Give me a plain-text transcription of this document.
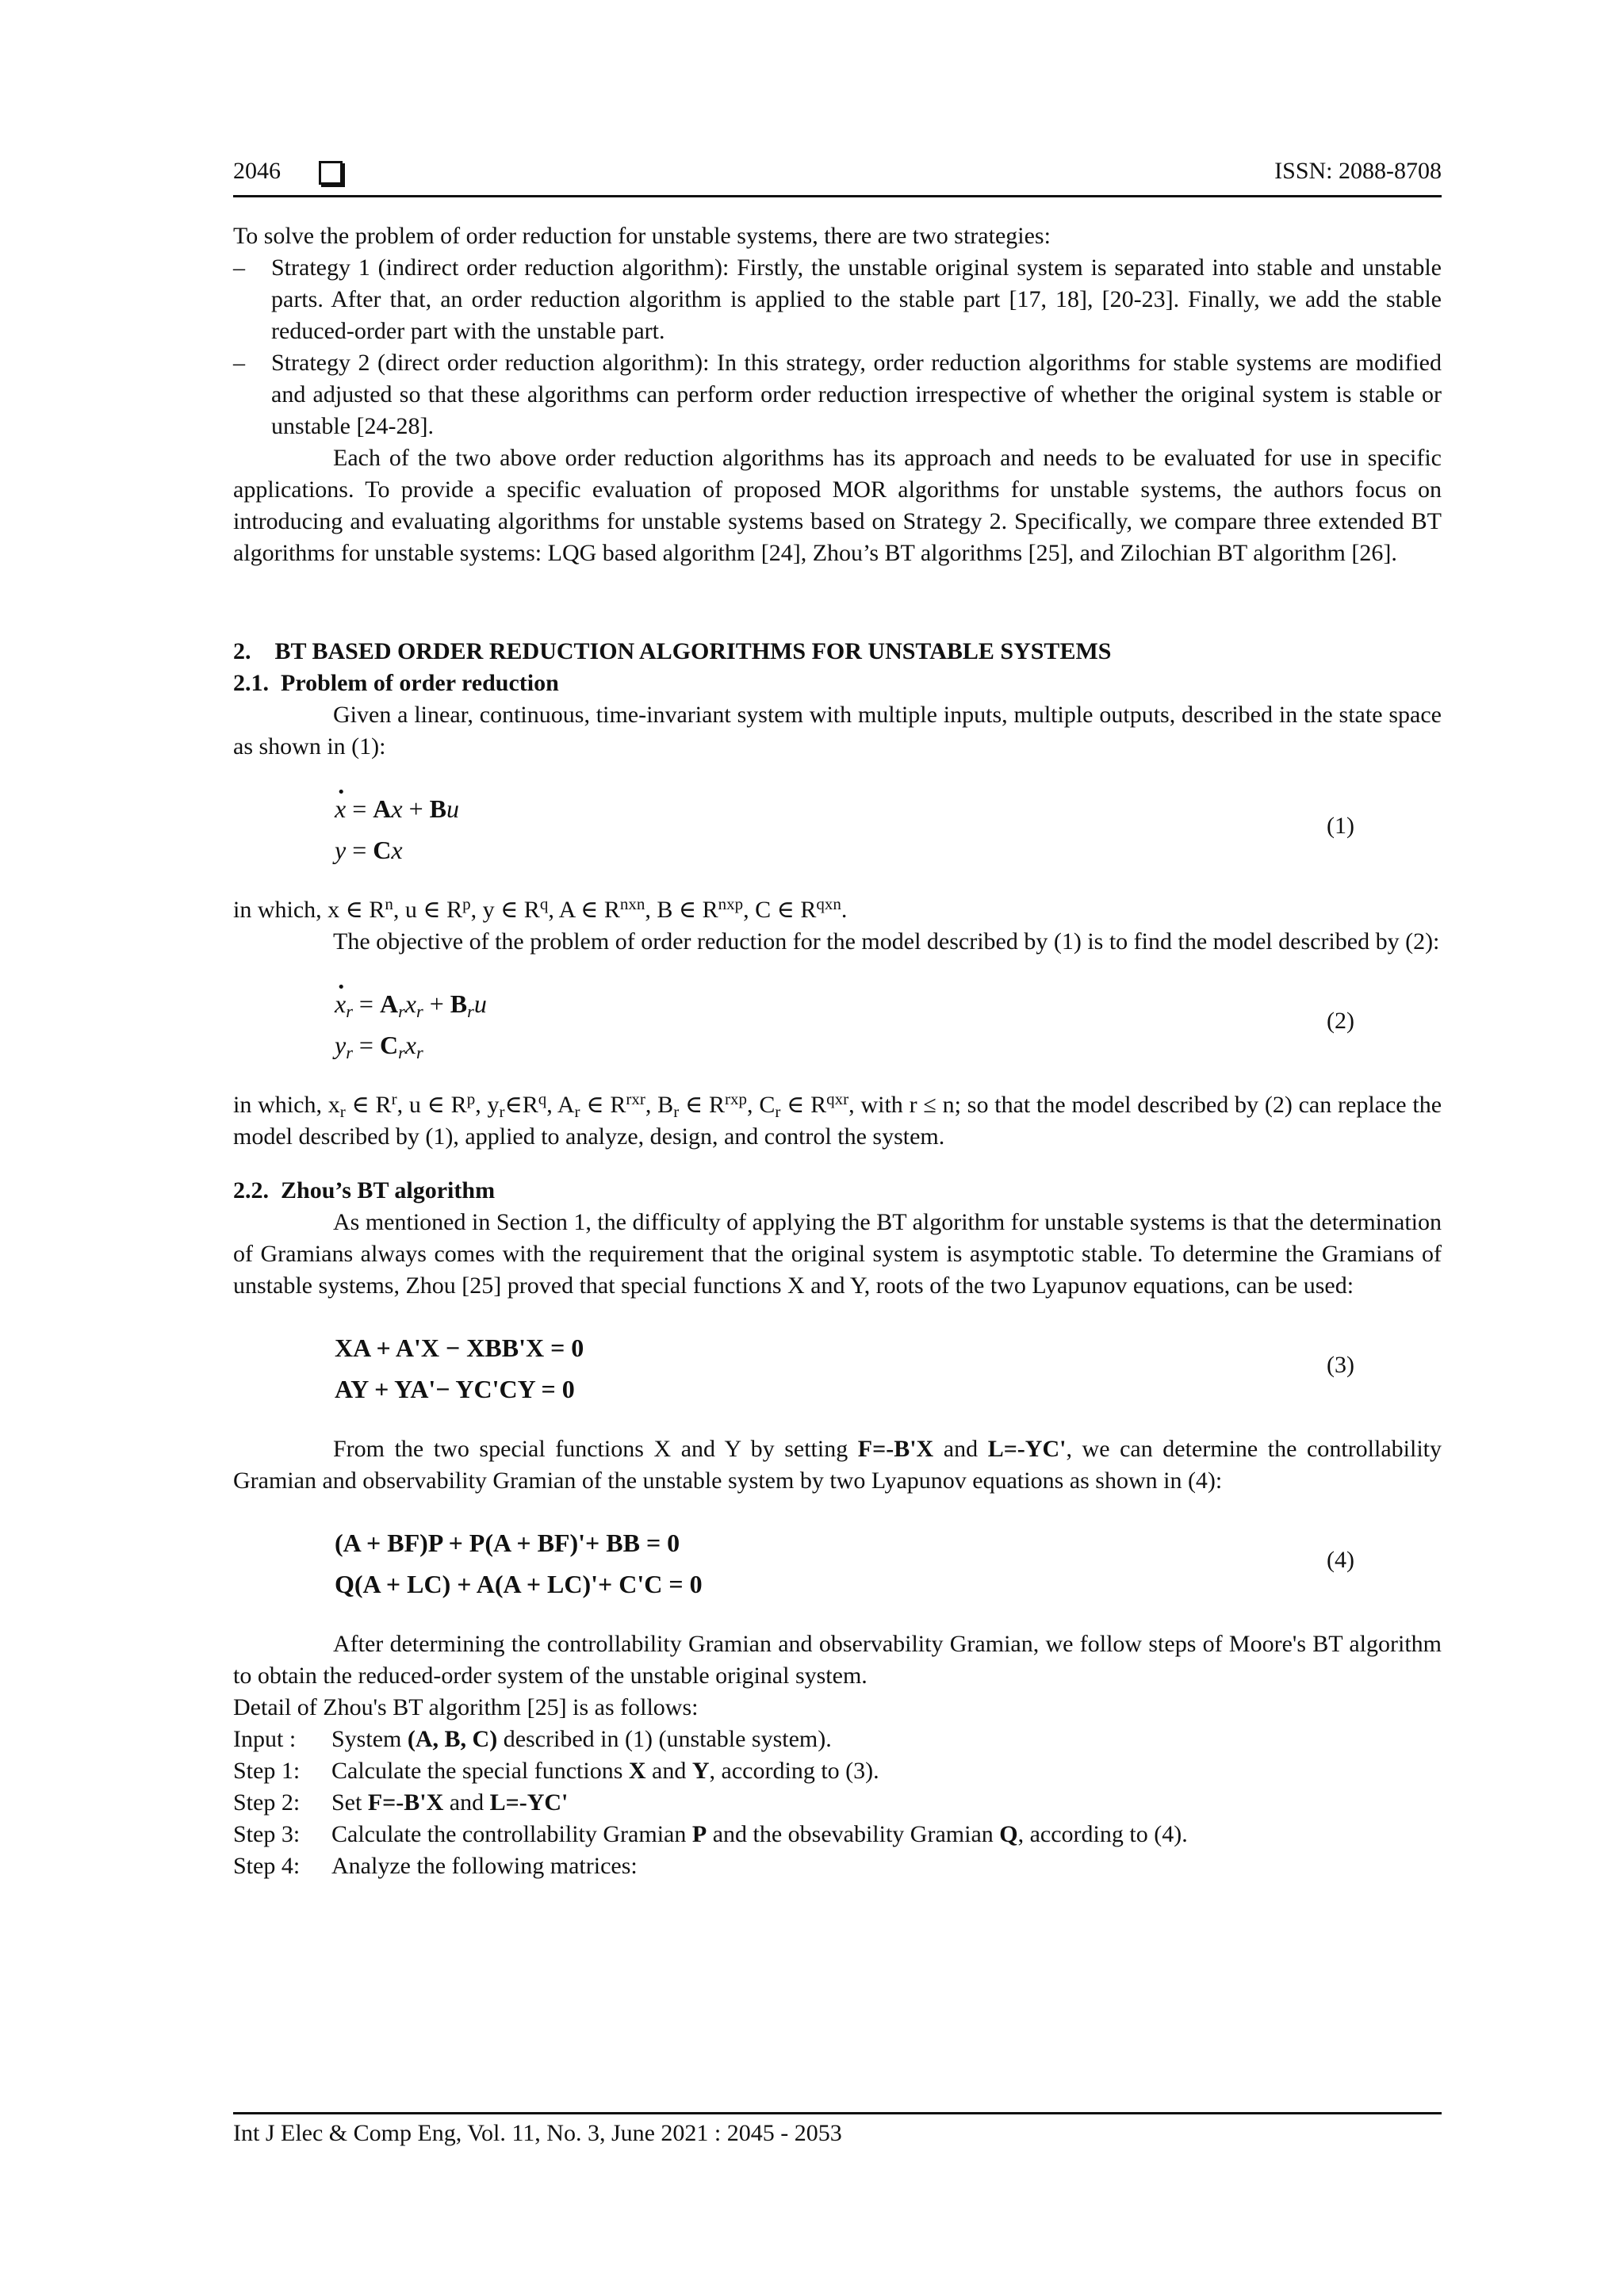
2046	ISSN: 2088-8708

To solve the problem of order reduction for unstable systems, there are two strategies:

– Strategy 1 (indirect order reduction algorithm): Firstly, the unstable original system is separated into stable and unstable parts. After that, an order reduction algorithm is applied to the stable part [17, 18], [20-23]. Finally, we add the stable reduced-order part with the unstable part.
– Strategy 2 (direct order reduction algorithm): In this strategy, order reduction algorithms for stable systems are modified and adjusted so that these algorithms can perform order reduction irrespective of whether the original system is stable or unstable [24-28].

Each of the two above order reduction algorithms has its approach and needs to be evaluated for use in specific applications. To provide a specific evaluation of proposed MOR algorithms for unstable systems, the authors focus on introducing and evaluating algorithms for unstable systems based on Strategy 2. Specifically, we compare three extended BT algorithms for unstable systems: LQG based algorithm [24], Zhou’s BT algorithms [25], and Zilochian BT algorithm [26].

2.    BT BASED ORDER REDUCTION ALGORITHMS FOR UNSTABLE SYSTEMS
2.1.  Problem of order reduction

Given a linear, continuous, time-invariant system with multiple inputs, multiple outputs, described in the state space as shown in (1):

· x = Ax + Bu
y = Cx
(1)

in which, x ∈ $R^n$, u ∈ $R^p$, y ∈ $R^q$, A ∈ $R^{nxn}$, B ∈ $R^{nxp}$, C ∈ $R^{qxn}$.

The objective of the problem of order reduction for the model described by (1) is to find the model described by (2):

· $x_r = A_rx_r + B_ru$
$y_r = C_rx_r$
(2)

in which, $x_r$ ∈ $R^r$, u ∈ $R^p$, $y_r\in R^q$, $A_r$ ∈ $R^{rxr}$, $B_r$ ∈ $R^{rxp}$, $C_r$ ∈ $R^{qxr}$, with r ≤ n; so that the model described by (2) can replace the model described by (1), applied to analyze, design, and control the system.

2.2.  Zhou’s BT algorithm

As mentioned in Section 1, the difficulty of applying the BT algorithm for unstable systems is that the determination of Gramians always comes with the requirement that the original system is asymptotic stable. To determine the Gramians of unstable systems, Zhou [25] proved that special functions X and Y, roots of the two Lyapunov equations, can be used:

XA + A'X − XBB'X = 0
AY + YA'− YC'CY = 0
(3)

From the two special functions X and Y by setting F=-B'X and L=-YC', we can determine the controllability Gramian and observability Gramian of the unstable system by two Lyapunov equations as shown in (4):

(A + BF)P + P(A + BF)'+ BB = 0
Q(A + LC) + A(A + LC)'+ C'C = 0
(4)

After determining the controllability Gramian and observability Gramian, we follow steps of Moore's BT algorithm to obtain the reduced-order system of the unstable original system.

Detail of Zhou's BT algorithm [25] is as follows:

Input :	System (A, B, C) described in (1) (unstable system).
Step 1:	Calculate the special functions X and Y, according to (3).
Step 2:	Set F=-B'X and L=-YC'
Step 3:	Calculate the controllability Gramian P and the obsevability Gramian Q, according to (4).
Step 4:	Analyze the following matrices:
Int J Elec & Comp Eng, Vol. 11, No. 3, June 2021 : 2045 - 2053
